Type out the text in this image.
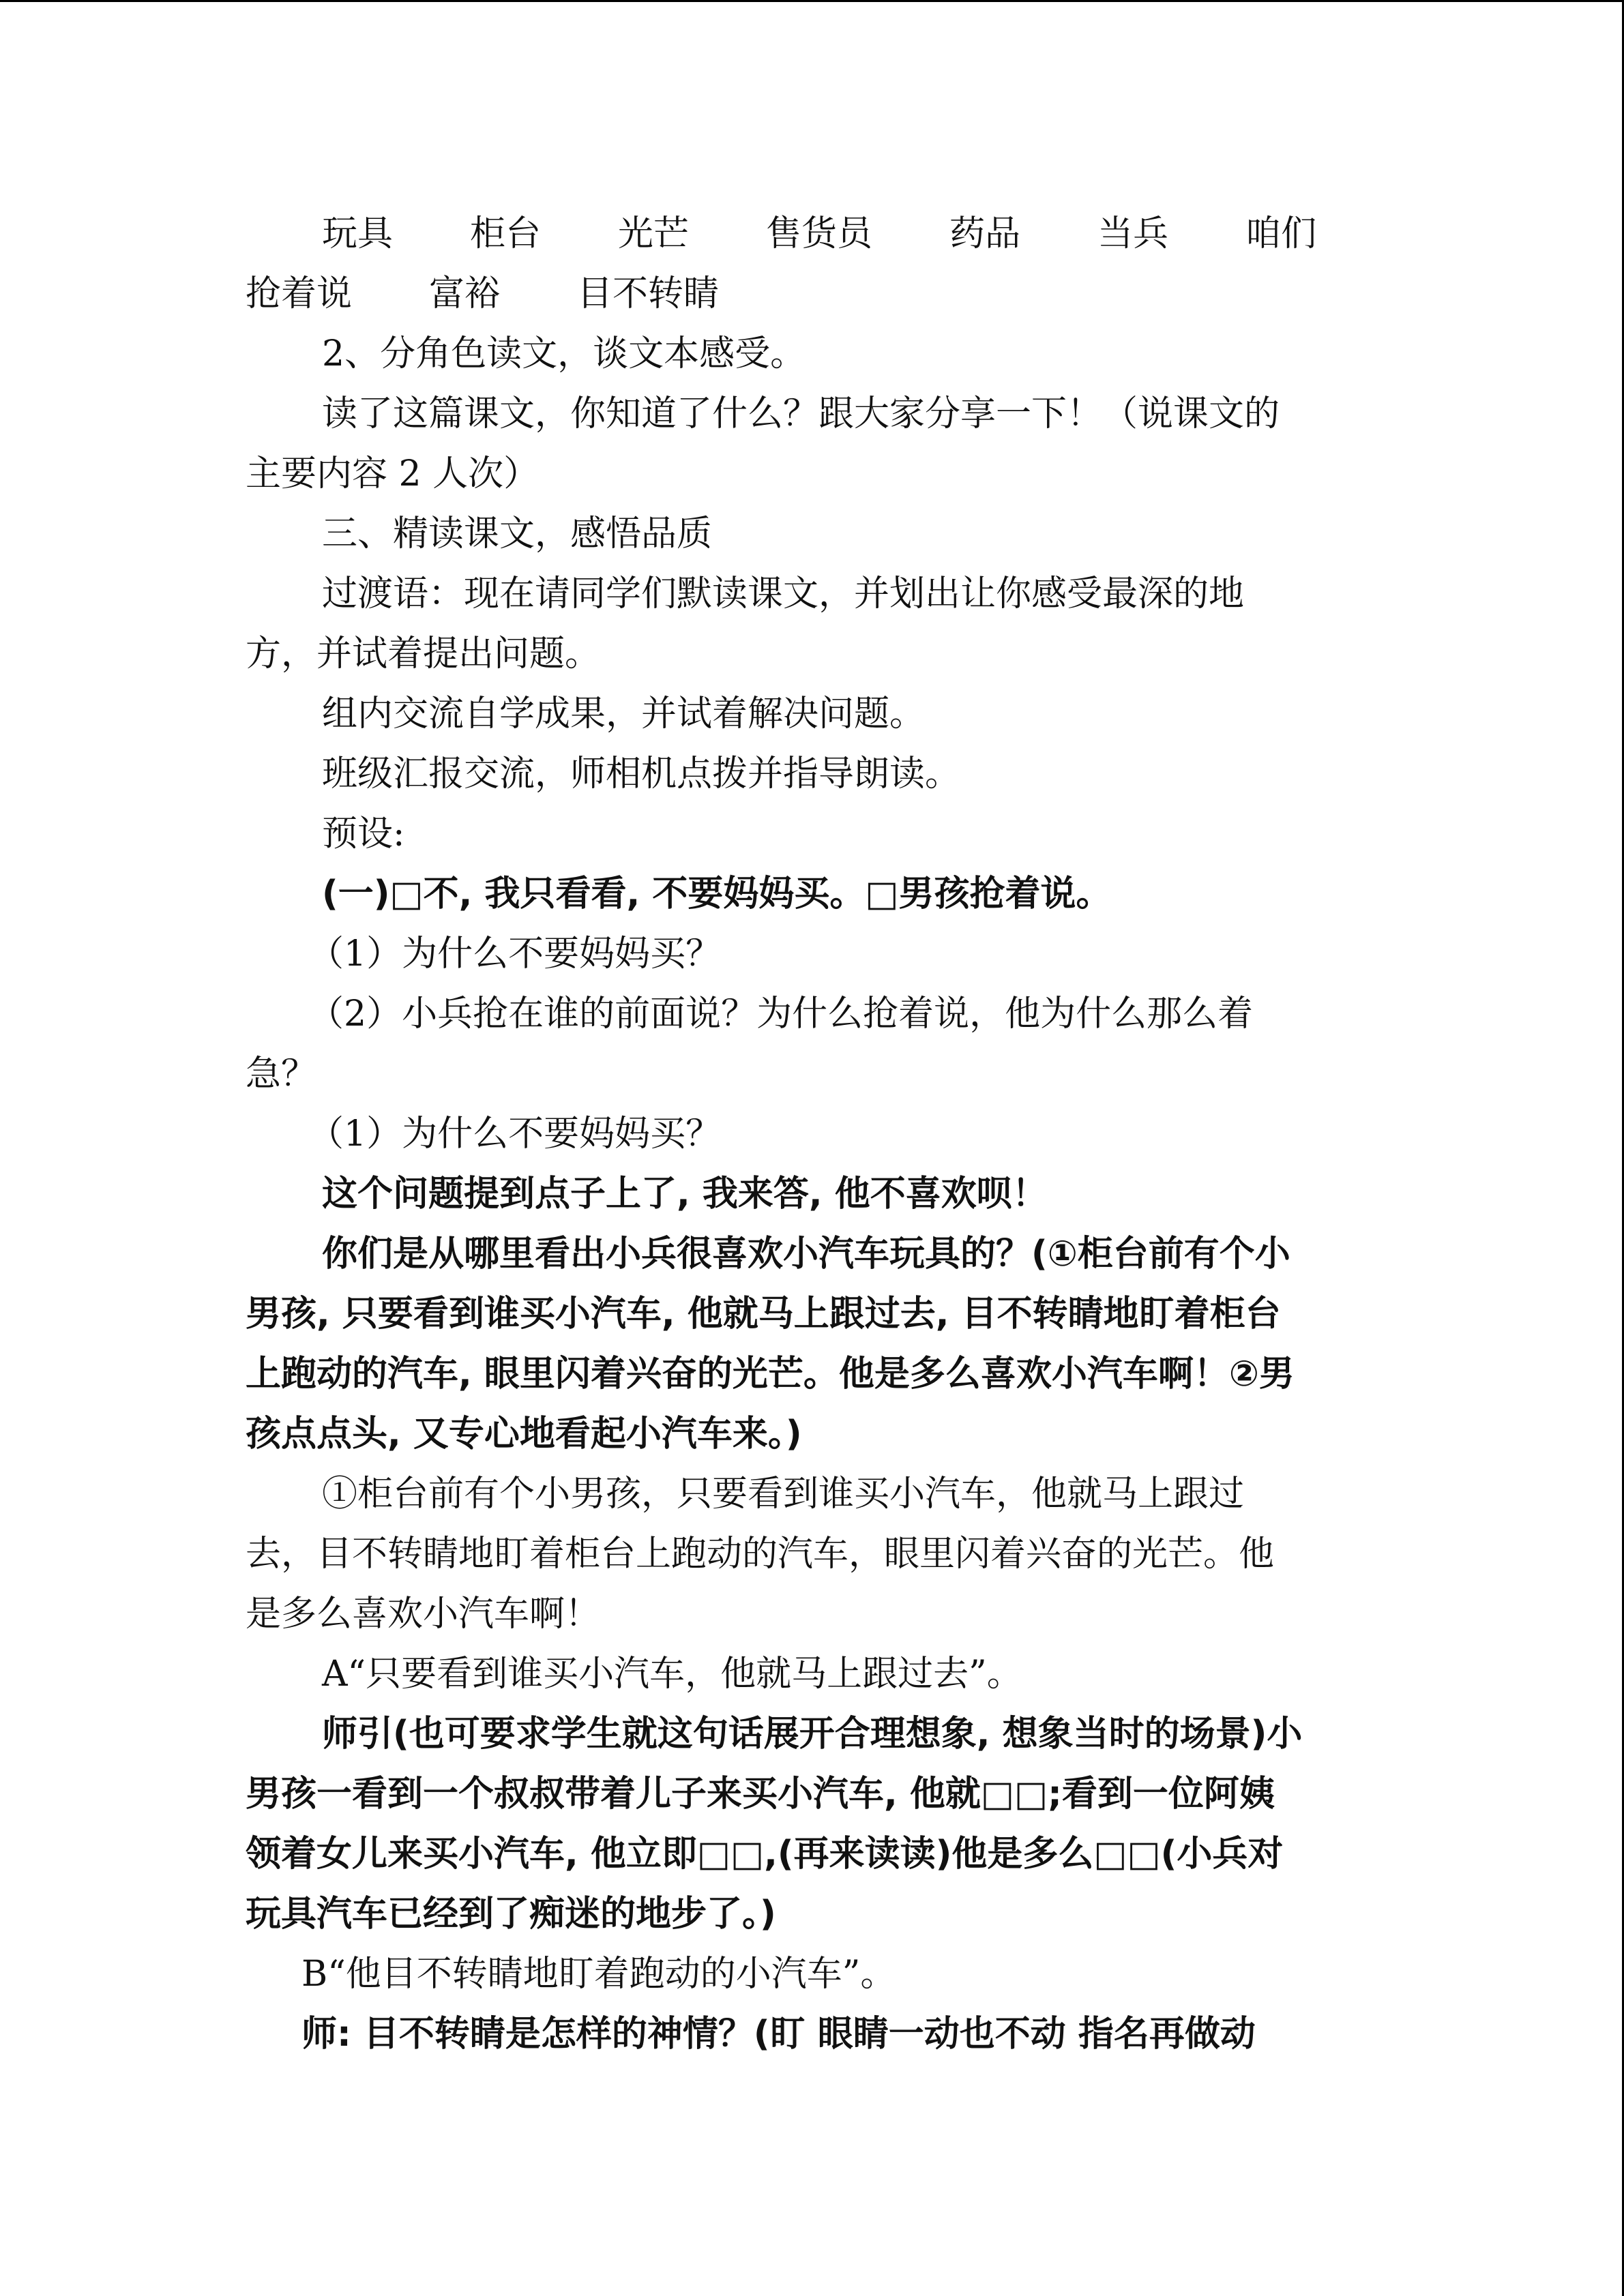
玩具 柜台 光芒 售货员 药品 当兵 咱们
抢着说 富裕 目不转睛
2、分角色读文，谈文本感受。
读了这篇课文，你知道了什么？跟大家分享一下！（说课文的
主要内容 2 人次）
三、精读课文，感悟品质
过渡语：现在请同学们默读课文，并划出让你感受最深的地
方，并试着提出问题。
组内交流自学成果，并试着解决问题。
班级汇报交流，师相机点拨并指导朗读。
预设:
(一)□不, 我只看看, 不要妈妈买。□男孩抢着说。
（1）为什么不要妈妈买？
（2）小兵抢在谁的前面说？为什么抢着说，他为什么那么着
急？
（1）为什么不要妈妈买？
这个问题提到点子上了, 我来答, 他不喜欢呗！
你们是从哪里看出小兵很喜欢小汽车玩具的？(①柜台前有个小
男孩, 只要看到谁买小汽车, 他就马上跟过去, 目不转睛地盯着柜台
上跑动的汽车, 眼里闪着兴奋的光芒。他是多么喜欢小汽车啊！②男
孩点点头, 又专心地看起小汽车来。)
①柜台前有个小男孩，只要看到谁买小汽车，他就马上跟过
去，目不转睛地盯着柜台上跑动的汽车，眼里闪着兴奋的光芒。他
是多么喜欢小汽车啊！
A“只要看到谁买小汽车，他就马上跟过去”。
师引(也可要求学生就这句话展开合理想象, 想象当时的场景)小
男孩一看到一个叔叔带着儿子来买小汽车, 他就□□;看到一位阿姨
领着女儿来买小汽车, 他立即□□,(再来读读)他是多么□□(小兵对
玩具汽车已经到了痴迷的地步了。)
B“他目不转睛地盯着跑动的小汽车”。
师: 目不转睛是怎样的神情？(盯 眼睛一动也不动 指名再做动
